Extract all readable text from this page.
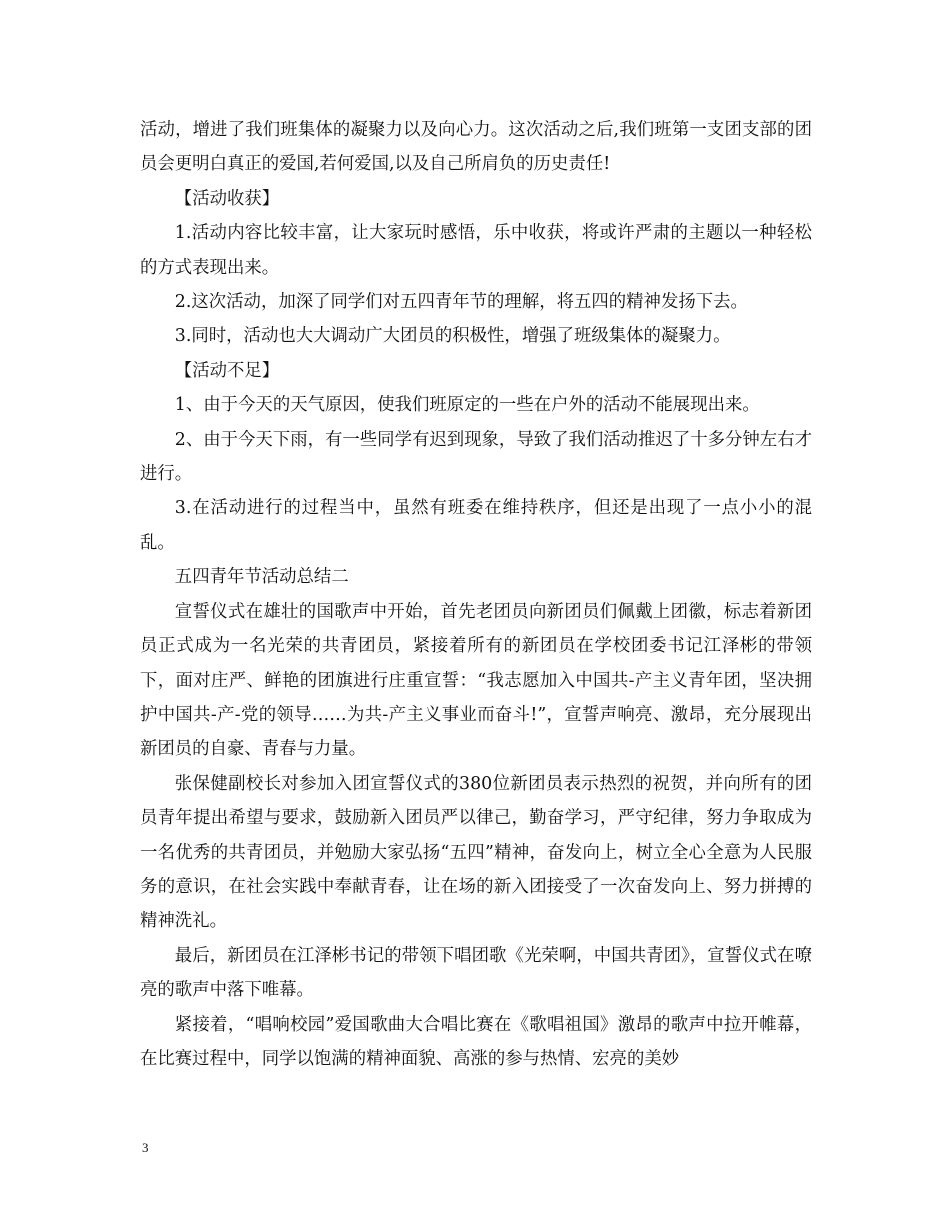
活动，增进了我们班集体的凝聚力以及向心力。这次活动之后,我们班第一支团支部的团员会更明白真正的爱国,若何爱国,以及自己所肩负的历史责任!

【活动收获】

1.活动内容比较丰富，让大家玩时感悟，乐中收获，将或许严肃的主题以一种轻松的方式表现出来。

2.这次活动，加深了同学们对五四青年节的理解，将五四的精神发扬下去。

3.同时，活动也大大调动广大团员的积极性，增强了班级集体的凝聚力。

【活动不足】

1、由于今天的天气原因，使我们班原定的一些在户外的活动不能展现出来。

2、由于今天下雨，有一些同学有迟到现象，导致了我们活动推迟了十多分钟左右才进行。

3.在活动进行的过程当中，虽然有班委在维持秩序，但还是出现了一点小小的混乱。

五四青年节活动总结二

宣誓仪式在雄壮的国歌声中开始，首先老团员向新团员们佩戴上团徽，标志着新团员正式成为一名光荣的共青团员，紧接着所有的新团员在学校团委书记江泽彬的带领下，面对庄严、鲜艳的团旗进行庄重宣誓：“我志愿加入中国共-产主义青年团，坚决拥护中国共-产-党的领导……为共-产主义事业而奋斗!”，宣誓声响亮、激昂，充分展现出新团员的自豪、青春与力量。

张保健副校长对参加入团宣誓仪式的380位新团员表示热烈的祝贺，并向所有的团员青年提出希望与要求，鼓励新入团员严以律己，勤奋学习，严守纪律，努力争取成为一名优秀的共青团员，并勉励大家弘扬“五四”精神，奋发向上，树立全心全意为人民服务的意识，在社会实践中奉献青春，让在场的新入团接受了一次奋发向上、努力拼搏的精神洗礼。

最后，新团员在江泽彬书记的带领下唱团歌《光荣啊，中国共青团》，宣誓仪式在嘹亮的歌声中落下唯幕。

紧接着，“唱响校园”爱国歌曲大合唱比赛在《歌唱祖国》激昂的歌声中拉开帷幕，在比赛过程中，同学以饱满的精神面貌、高涨的参与热情、宏亮的美妙

3
